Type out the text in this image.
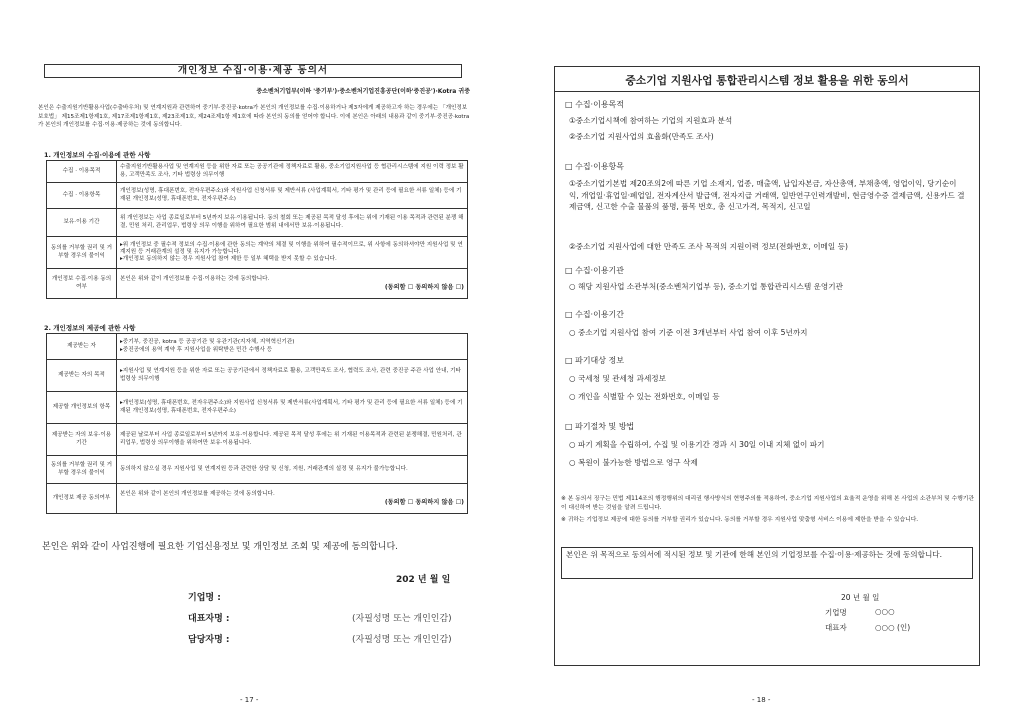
개인정보 수집·이용·제공 동의서
중소벤처기업부(이하 '중기부')·중소벤처기업진흥공단(이하'중진공')·Kotra 귀중
본인은 수출지원기반활용사업(수출바우처) 및 연계지원과 관련하여 중기부·중진공·kotra가 본인의 개인정보를 수집·이용하거나 제3자에게 제공하고자 하는 경우에는 「개인정보보호법」 제15조제1항제1호, 제17조제1항제1호, 제23조제1호, 제24조제1항 제1호에 따라 본인의 동의를 얻어야 합니다. 이에 본인은 아래의 내용과 같이 중기부·중진공·kotra가 본인의 개인정보를 수집·이용·제공하는 것에 동의합니다.
1. 개인정보의 수집·이용에 관한 사항
수집 · 이용목적	수출지원기반활용사업 및 연계지원 등을 위한 자료 또는 공공기관에 정책자료로 활용, 중소기업지원사업 등 협관리시스템에 지원 이력 정보 활용, 고객만족도 조사, 기타 법령상 의무이행
수집 · 이용항목	개인정보(성명, 휴대폰번호, 전자우편주소)와 지원사업 신청서류 및 제반서류 (사업계획서, 기타 평가 및 관리 등에 필요한 서류 일체) 등에 기재된 개인정보(성명, 휴대폰번호, 전자우편주소)
보유·이용 기간	위 개인정보는 사업 종료일로부터 5년까지 보유·이용됩니다. 동의 철회 또는 제공된 목적 달성 후에는 위에 기재된 이용 목적과 관련된 분쟁 해결, 민원 처리, 관리업무, 법령상 의무 이행을 위하여 필요한 범위 내에서만 보유·이용됩니다.
동의를 거부할 권리 및 거부할 경우의 불이익	▸위 개인정보 중 필수적 정보의 수집·이용에 관한 동의는 계약의 체결 및 이행을 위하여 필수적이므로, 위 사항에 동의하셔야만 지원사업 및 연계지원 등 거래관계의 설정 및 유지가 가능합니다.
▸개인정보 동의하지 않는 경우 지원사업 참여 제한 등 일부 혜택을 받지 못할 수 있습니다.
개인정보 수집·이용 동의 여부	본인은 위와 같이 개인정보를 수집·이용하는 것에 동의합니다.
(동의함 ☐ 동의하지 않음 ☐)
2. 개인정보의 제공에 관한 사항
제공받는 자	▸중기부, 중진공, kotra 등 공공기관 및 유관기관(지자체, 지역혁신기관)
▸중진공에의 용역 계약 후 지원사업을 위탁받은 민간 수행사 등
제공받는 자의 목적	▸지원사업 및 연계지원 등을 위한 자료 또는 공공기관에서 정책자료로 활용, 고객만족도 조사, 협력도 조사, 관련 중진공 주관 사업 안내, 기타 법령상 의무이행
제공할 개인정보의 항목	▸개인정보(성명, 휴대폰번호, 전자우편주소)와 지원사업 신청서류 및 제반서류(사업계획서, 기타 평가 및 관리 등에 필요한 서류 일체) 등에 기재된 개인정보(성명, 휴대폰번호, 전자우편주소)
제공받는 자의 보유·이용 기간	제공된 날로부터 사업 종료일로부터 5년까지 보유·이용합니다. 제공된 목적 달성 후에는 위 기재된 이용목적과 관련된 분쟁해결, 민원처리, 관리업무, 법령상 의무이행을 위하여만 보유·이용됩니다.
동의를 거부할 권리 및 거부할 경우의 불이익	동의하지 않으실 경우 지원사업 및 연계지원 등과 관련한 상담 및 신청, 지원, 거래관계의 설정 및 유지가 불가능합니다.
개인정보 제공 동의여부	본인은 위와 같이 본인의 개인정보를 제공하는 것에 동의합니다.
(동의함 ☐ 동의하지 않음 ☐)
본인은 위와 같이 사업진행에 필요한 기업신용정보 및 개인정보 조회 및 제공에 동의합니다.
202 년 월 일
기업명 :
대표자명 :	(자필성명 또는 개인인감)
담당자명 :	(자필성명 또는 개인인감)
- 17 -
중소기업 지원사업 통합관리시스템 정보 활용을 위한 동의서
□ 수집·이용목적
①중소기업시책에 참여하는 기업의 지원효과 분석
②중소기업 지원사업의 효율화(만족도 조사)
□ 수집·이용항목
①중소기업기본법 제20조의2에 따른 기업 소재지, 업종, 매출액, 납입자본금, 자산총액, 부채총액, 영업이익, 당기순이익, 개업일·휴업일·폐업일, 전자계산서 발급액, 전자지급 거래액, 일반연구인력개발비, 현금영수증 결제금액, 신용카드 결제금액, 신고한 수출 물품의 품명, 품목 번호, 총 신고가격, 목적지, 신고일
②중소기업 지원사업에 대한 만족도 조사 목적의 지원이력 정보(전화번호, 이메일 등)
□ 수집·이용기관
○ 해당 지원사업 소관부처(중소벤처기업부 등), 중소기업 통합관리시스템 운영기관
□ 수집·이용기간
○ 중소기업 지원사업 참여 기준 이전 3개년부터 사업 참여 이후 5년까지
□ 파기대상 정보
○ 국세청 및 관세청 과세정보
○ 개인을 식별할 수 있는 전화번호, 이메일 등
□ 파기절차 및 방법
○ 파기 계획을 수립하여, 수집 및 이용기간 경과 시 30일 이내 지체 없이 파기
○ 복원이 불가능한 방법으로 영구 삭제
※ 본 동의서 징구는 민법 제114조의 행정행위의 대리권 행사방식의 현명주의를 적용하여, 중소기업 지원사업의 효율적 운영을 위해 본 사업의 소관부처 및 수행기관이 대신하여 받는 것임을 알려 드립니다.
※ 귀하는 기업정보 제공에 대한 동의를 거부할 권리가 있습니다. 동의를 거부할 경우 지원사업 맞춤형 서비스 이용에 제한을 받을 수 있습니다.
본인은 위 목적으로 동의서에 적시된 정보 및 기관에 한해 본인의 기업정보를 수집·이용·제공하는 것에 동의합니다.
20 년 월 일
기업명	○○○
대표자	○○○ (인)
- 18 -
